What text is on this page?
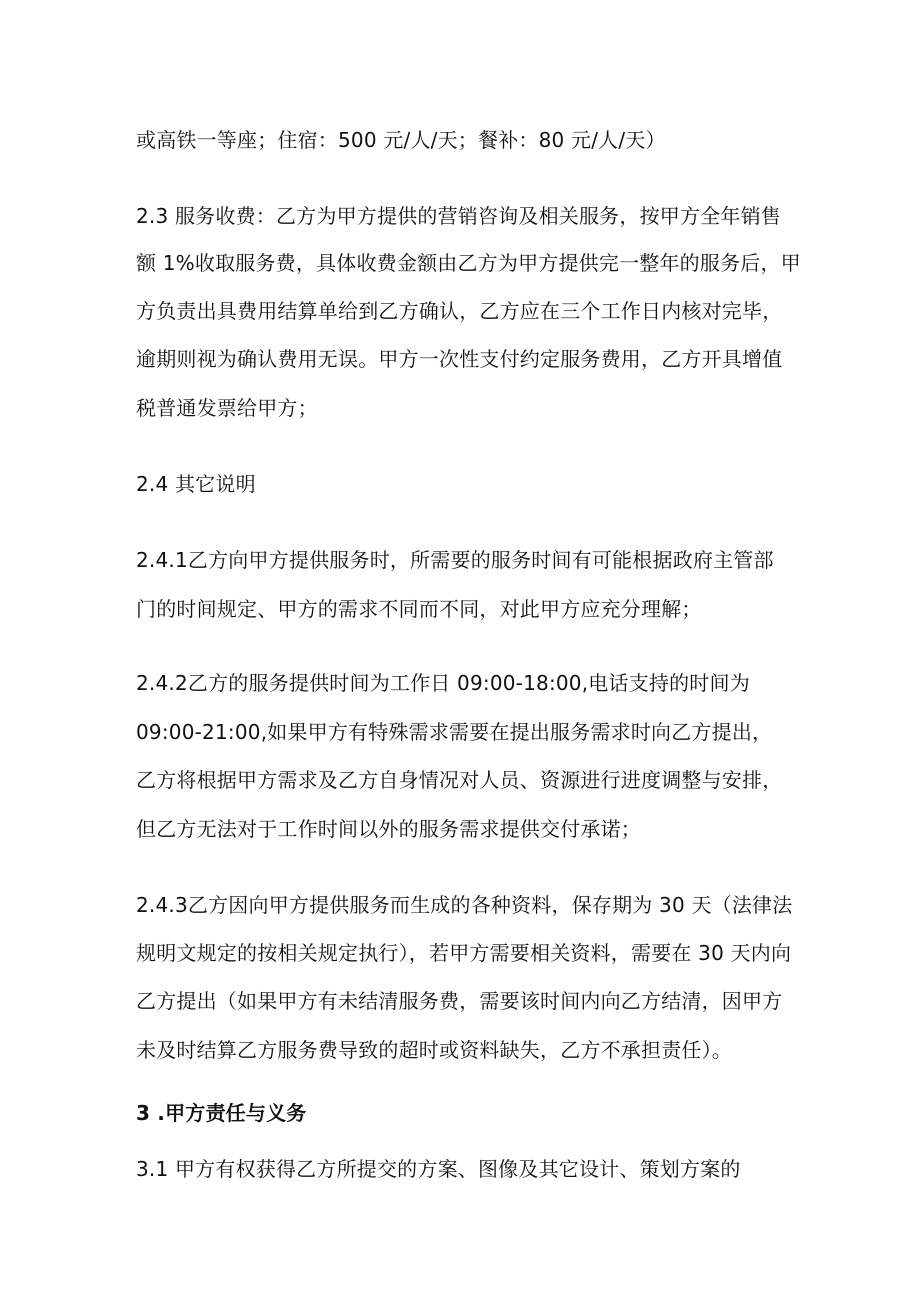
或高铁一等座；住宿：500 元/人/天；餐补：80 元/人/天）
2.3 服务收费：乙方为甲方提供的营销咨询及相关服务，按甲方全年销售
额 1%收取服务费，具体收费金额由乙方为甲方提供完一整年的服务后，甲
方负责出具费用结算单给到乙方确认，乙方应在三个工作日内核对完毕，
逾期则视为确认费用无误。甲方一次性支付约定服务费用，乙方开具增值
税普通发票给甲方；
2.4 其它说明
2.4.1乙方向甲方提供服务时，所需要的服务时间有可能根据政府主管部
门的时间规定、甲方的需求不同而不同，对此甲方应充分理解；
2.4.2乙方的服务提供时间为工作日 09:00-18:00,电话支持的时间为
09:00-21:00,如果甲方有特殊需求需要在提出服务需求时向乙方提出，
乙方将根据甲方需求及乙方自身情况对人员、资源进行进度调整与安排，
但乙方无法对于工作时间以外的服务需求提供交付承诺；
2.4.3乙方因向甲方提供服务而生成的各种资料，保存期为 30 天（法律法
规明文规定的按相关规定执行），若甲方需要相关资料，需要在 30 天内向
乙方提出（如果甲方有未结清服务费，需要该时间内向乙方结清，因甲方
未及时结算乙方服务费导致的超时或资料缺失，乙方不承担责任）。
3 .甲方责任与义务
3.1 甲方有权获得乙方所提交的方案、图像及其它设计、策划方案的
